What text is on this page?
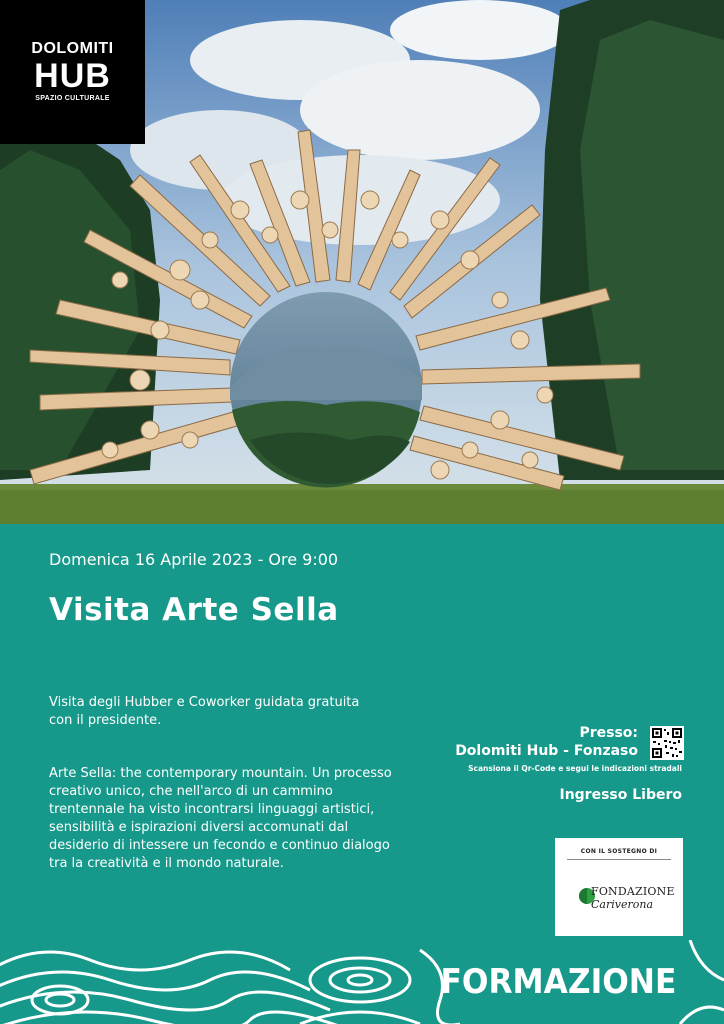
DOLOMITI
HUB
SPAZIO CULTURALE
Domenica 16 Aprile 2023 - Ore 9:00
Visita Arte Sella
Visita degli Hubber e Coworker guidata gratuita con il presidente.
Arte Sella: the contemporary mountain. Un processo creativo unico, che nell'arco di un cammino trentennale ha visto incontrarsi linguaggi artistici, sensibilità e ispirazioni diversi accomunati dal desiderio di intessere un fecondo e continuo dialogo tra la creatività e il mondo naturale.
Presso:
Dolomiti Hub - Fonzaso
Scansiona il Qr-Code e segui le indicazioni stradali
Ingresso Libero
CON IL SOSTEGNO DI
FONDAZIONE
Cariverona
FORMAZIONE
